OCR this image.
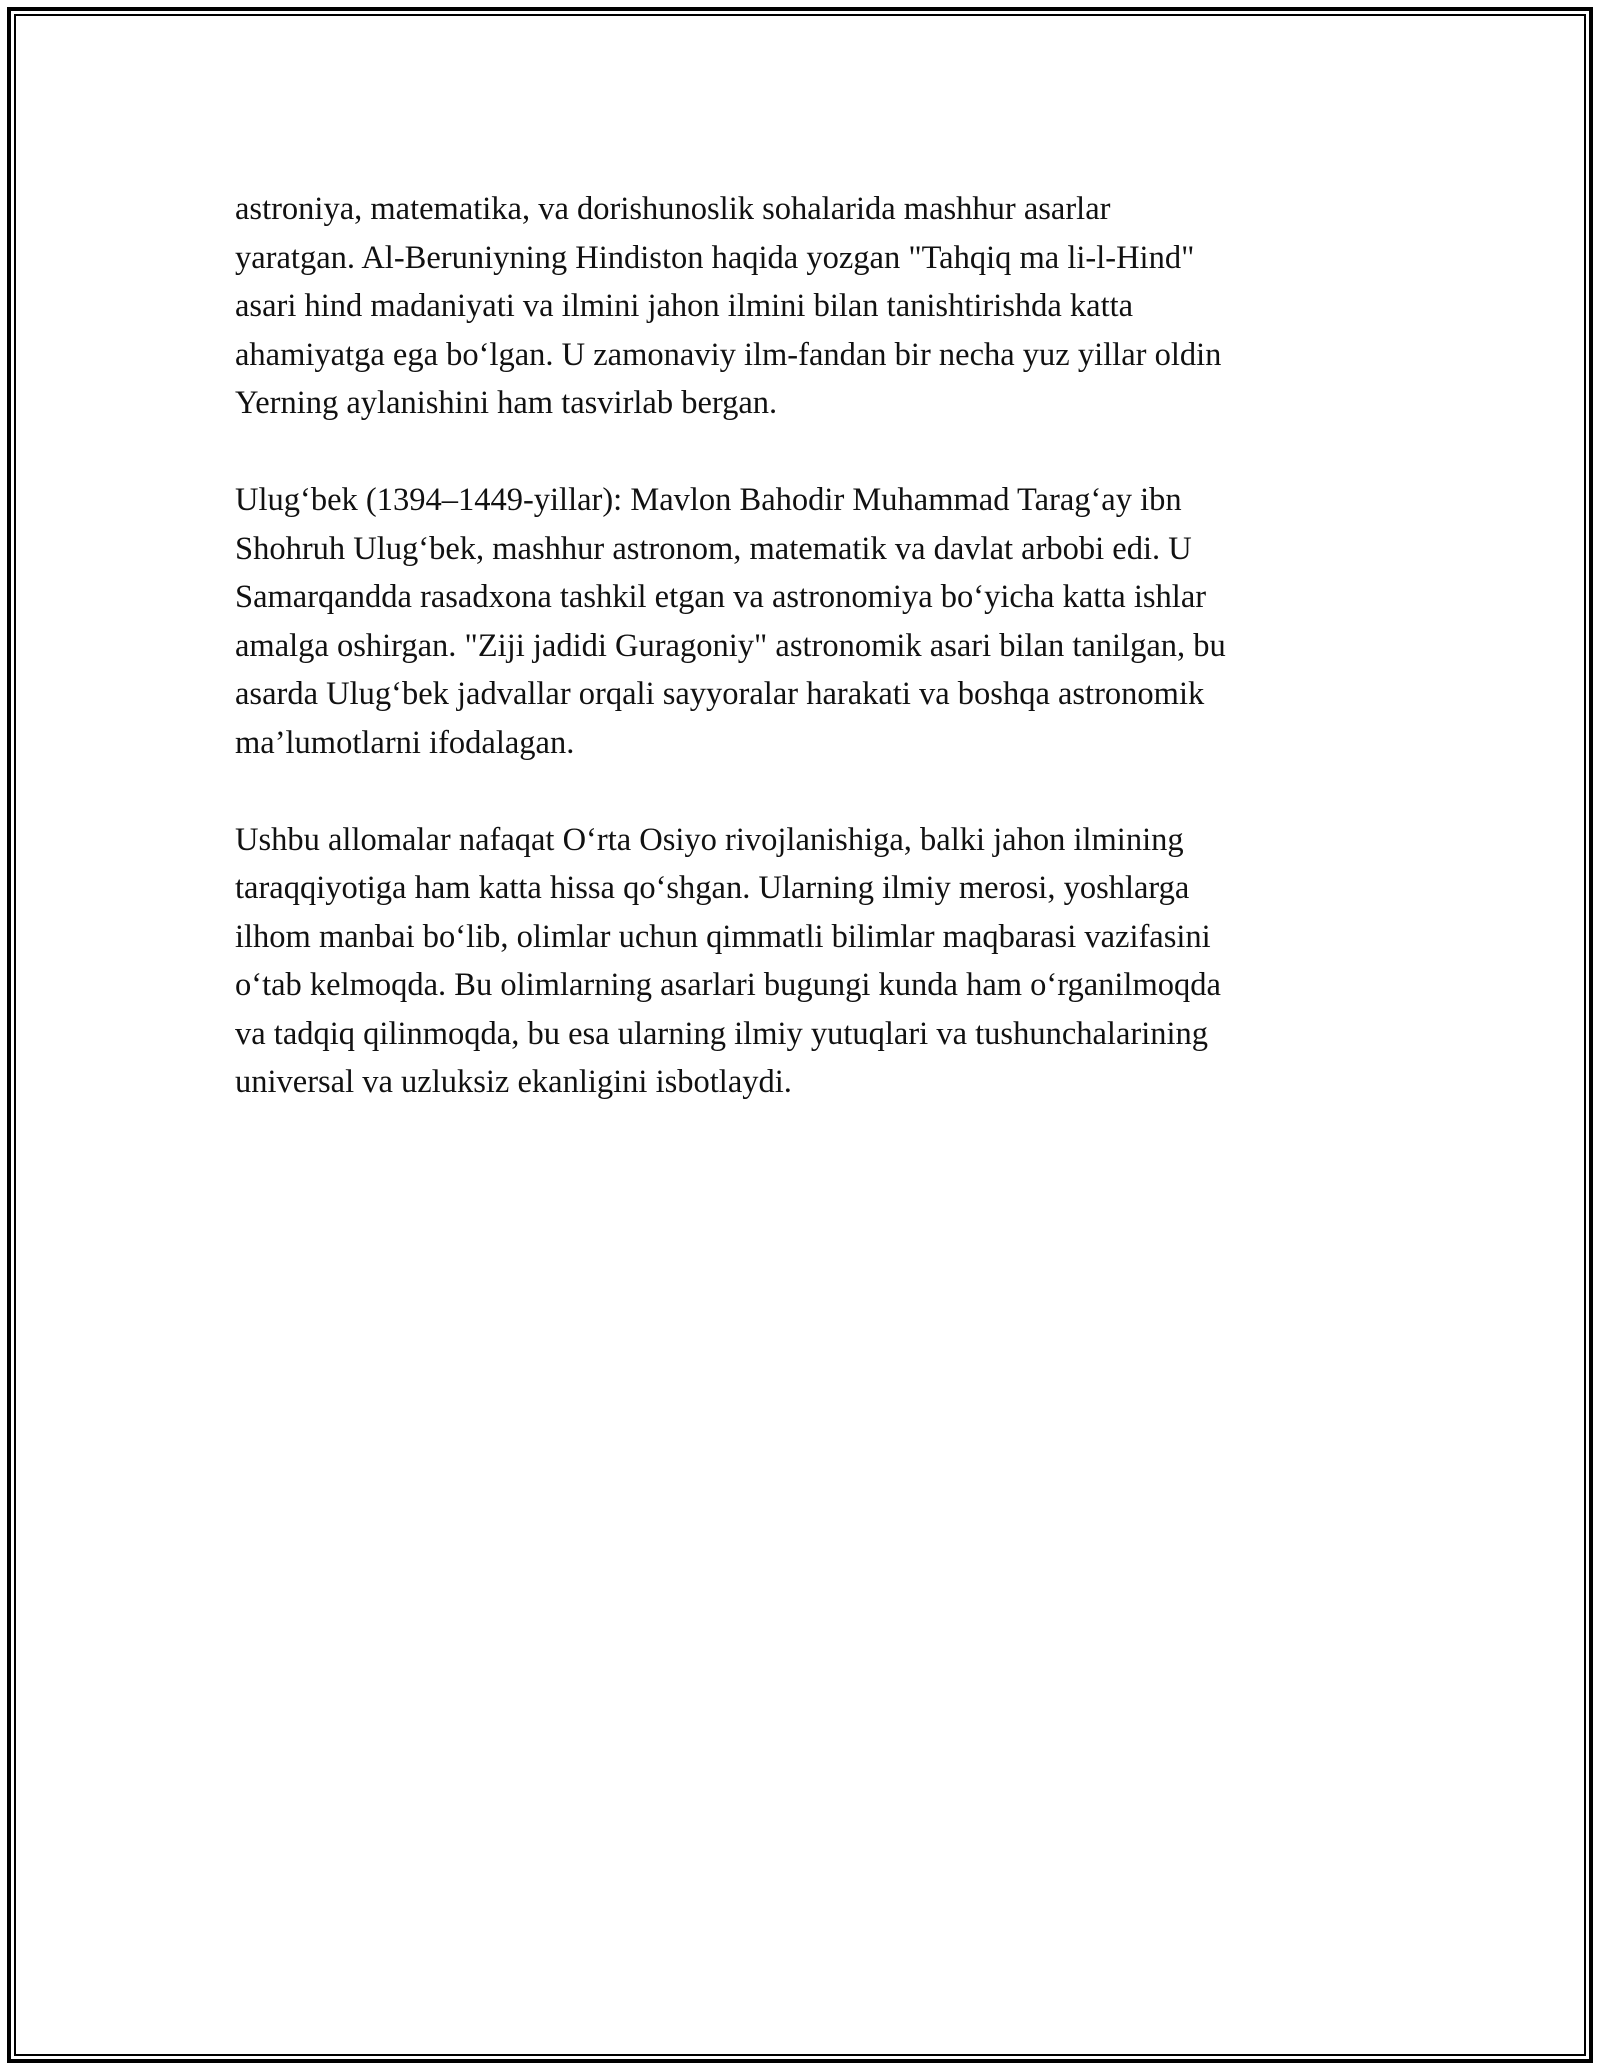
astroniya, matematika, va dorishunoslik sohalarida mashhur asarlar
yaratgan. Al-Beruniyning Hindiston haqida yozgan "Tahqiq ma li-l-Hind"
asari hind madaniyati va ilmini jahon ilmini bilan tanishtirishda katta
ahamiyatga ega bo‘lgan. U zamonaviy ilm-fandan bir necha yuz yillar oldin
Yerning aylanishini ham tasvirlab bergan.
Ulug‘bek (1394–1449-yillar): Mavlon Bahodir Muhammad Tarag‘ay ibn
Shohruh Ulug‘bek, mashhur astronom, matematik va davlat arbobi edi. U
Samarqandda rasadxona tashkil etgan va astronomiya bo‘yicha katta ishlar
amalga oshirgan. "Ziji jadidi Guragoniy" astronomik asari bilan tanilgan, bu
asarda Ulug‘bek jadvallar orqali sayyoralar harakati va boshqa astronomik
ma’lumotlarni ifodalagan.
Ushbu allomalar nafaqat O‘rta Osiyo rivojlanishiga, balki jahon ilmining
taraqqiyotiga ham katta hissa qo‘shgan. Ularning ilmiy merosi, yoshlarga
ilhom manbai bo‘lib, olimlar uchun qimmatli bilimlar maqbarasi vazifasini
o‘tab kelmoqda. Bu olimlarning asarlari bugungi kunda ham o‘rganilmoqda
va tadqiq qilinmoqda, bu esa ularning ilmiy yutuqlari va tushunchalarining
universal va uzluksiz ekanligini isbotlaydi.
